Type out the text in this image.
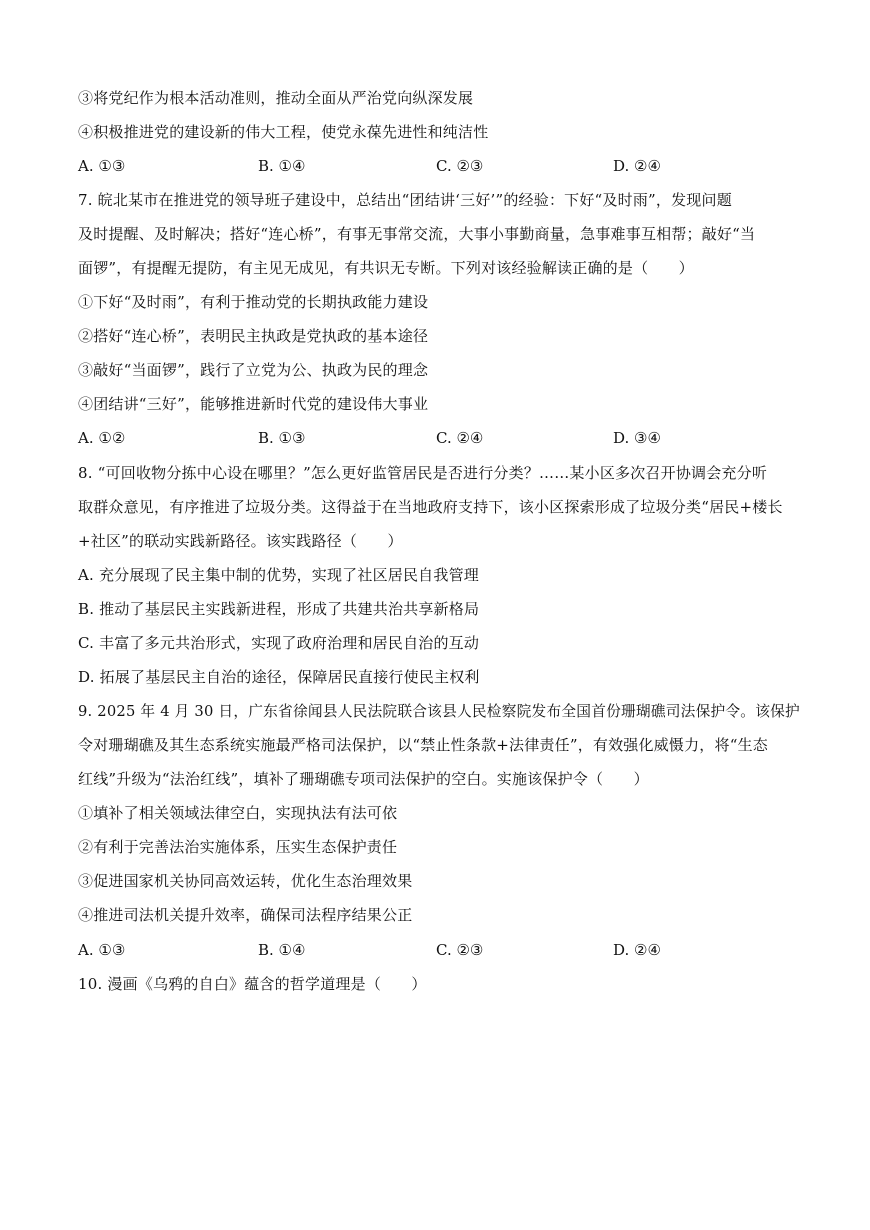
③将党纪作为根本活动准则，推动全面从严治党向纵深发展
④积极推进党的建设新的伟大工程，使党永葆先进性和纯洁性
A. ①③	B. ①④	C. ②③	D. ②④
7. 皖北某市在推进党的领导班子建设中，总结出“团结讲‘三好’”的经验：下好“及时雨”，发现问题
及时提醒、及时解决；搭好“连心桥”，有事无事常交流，大事小事勤商量，急事难事互相帮；敲好“当
面锣”，有提醒无提防，有主见无成见，有共识无专断。下列对该经验解读正确的是（　　）
①下好“及时雨”，有利于推动党的长期执政能力建设
②搭好“连心桥”，表明民主执政是党执政的基本途径
③敲好“当面锣”，践行了立党为公、执政为民的理念
④团结讲“三好”，能够推进新时代党的建设伟大事业
A. ①②	B. ①③	C. ②④	D. ③④
8. “可回收物分拣中心设在哪里？”怎么更好监管居民是否进行分类？……某小区多次召开协调会充分听
取群众意见，有序推进了垃圾分类。这得益于在当地政府支持下，该小区探索形成了垃圾分类“居民+楼长
+社区”的联动实践新路径。该实践路径（　　）
A. 充分展现了民主集中制的优势，实现了社区居民自我管理
B. 推动了基层民主实践新进程，形成了共建共治共享新格局
C. 丰富了多元共治形式，实现了政府治理和居民自治的互动
D. 拓展了基层民主自治的途径，保障居民直接行使民主权利
9. 2025 年 4 月 30 日，广东省徐闻县人民法院联合该县人民检察院发布全国首份珊瑚礁司法保护令。该保护
令对珊瑚礁及其生态系统实施最严格司法保护，以“禁止性条款+法律责任”，有效强化威慑力，将“生态
红线”升级为“法治红线”，填补了珊瑚礁专项司法保护的空白。实施该保护令（　　）
①填补了相关领域法律空白，实现执法有法可依
②有利于完善法治实施体系，压实生态保护责任
③促进国家机关协同高效运转，优化生态治理效果
④推进司法机关提升效率，确保司法程序结果公正
A. ①③	B. ①④	C. ②③	D. ②④
10. 漫画《乌鸦的自白》蕴含的哲学道理是（　　）
